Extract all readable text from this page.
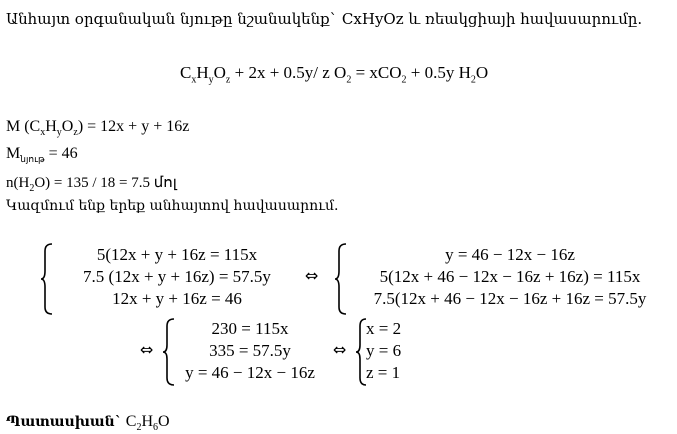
Անհայտ օրգանական նյութը նշանակենք` CxHyOz և ռեակցիայի հավասարումը.
$C_xH_yO_z + 2x + 0.5y/$ z $O_2 = xCO_2 + 0.5y$ $H_2O$
M $(C_xH_yO_z) = 12x + y + 16z$
$M_{նյութ} = 46$
$n(H_2O) = 135 / 18 = 7.5$ մոլ
Կազմում ենք երեք անհայտով հավասարում.
5(12x + y + 16z = 115x
7.5 (12x + y + 16z) = 57.5y
12x + y + 16z = 46
⇔
y = 46 − 12x − 16z
5(12x + 46 − 12x − 16z + 16z) = 115x
7.5(12x + 46 − 12x − 16z + 16z = 57.5y
⇔
230 = 115x
335 = 57.5y
y = 46 − 12x − 16z
⇔
x = 2
y = 6
z = 1
Պատասխան` $C_2H_6O$
